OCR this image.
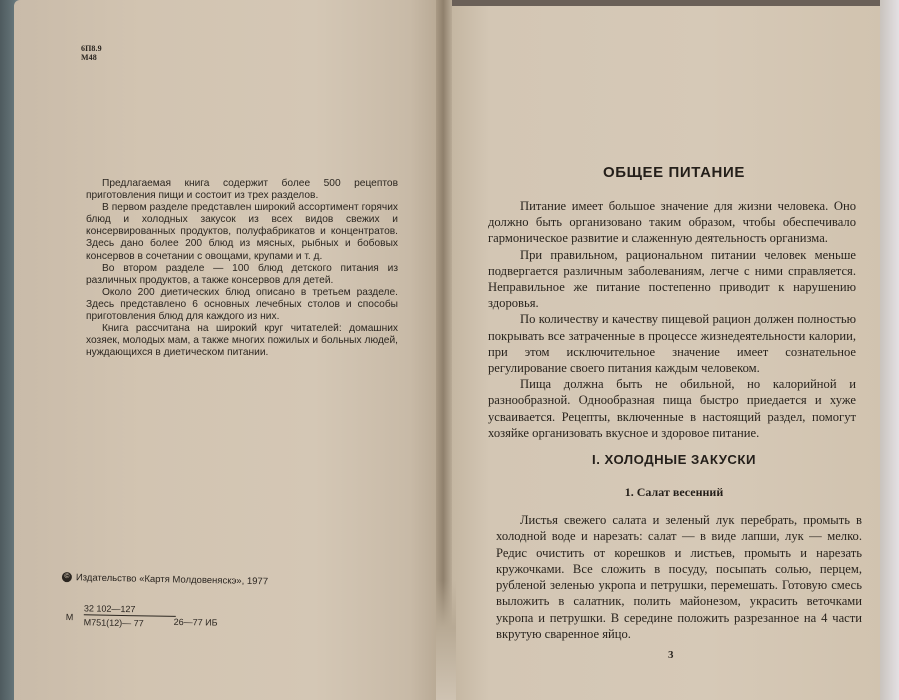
6П8.9
М48

Предлагаемая книга содержит более 500 рецептов приготовления пищи и состоит из трех разделов.

В первом разделе представлен широкий ассортимент горячих блюд и холодных закусок из всех видов свежих и консервированных продуктов, полуфабрикатов и концентратов. Здесь дано более 200 блюд из мясных, рыбных и бобовых консервов в сочетании с овощами, крупами и т. д.

Во втором разделе — 100 блюд детского питания из различных продуктов, а также консервов для детей.

Около 200 диетических блюд описано в третьем разделе. Здесь представлено 6 основных лечебных столов и способы приготовления блюд для каждого из них.

Книга рассчитана на широкий круг читателей: домашних хозяек, молодых мам, а также многих пожилых и больных людей, нуждающихся в диетическом питании.

© Издательство «Картя Молдовеняскэ», 1977
М
32 102—127
М751(12)— 77	26—77 ИБ
ОБЩЕЕ ПИТАНИЕ

Питание имеет большое значение для жизни человека. Оно должно быть организовано таким образом, чтобы обеспечивало гармоническое развитие и слаженную деятельность организма.

При правильном, рациональном питании человек меньше подвергается различным заболеваниям, легче с ними справляется. Неправильное же питание постепенно приводит к нарушению здоровья.

По количеству и качеству пищевой рацион должен полностью покрывать все затраченные в процессе жизнедеятельности калории, при этом исключительное значение имеет сознательное регулирование своего питания каждым человеком.

Пища должна быть не обильной, но калорийной и разнообразной. Однообразная пища быстро приедается и хуже усваивается. Рецепты, включенные в настоящий раздел, помогут хозяйке организовать вкусное и здоровое питание.

I. ХОЛОДНЫЕ ЗАКУСКИ
1. Салат весенний

Листья свежего салата и зеленый лук перебрать, промыть в холодной воде и нарезать: салат — в виде лапши, лук — мелко. Редис очистить от корешков и листьев, промыть и нарезать кружочками. Все сложить в посуду, посыпать солью, перцем, рубленой зеленью укропа и петрушки, перемешать. Готовую смесь выложить в салатник, полить майонезом, украсить веточками укропа и петрушки. В середине положить разрезанное на 4 части вкрутую сваренное яйцо.

3
